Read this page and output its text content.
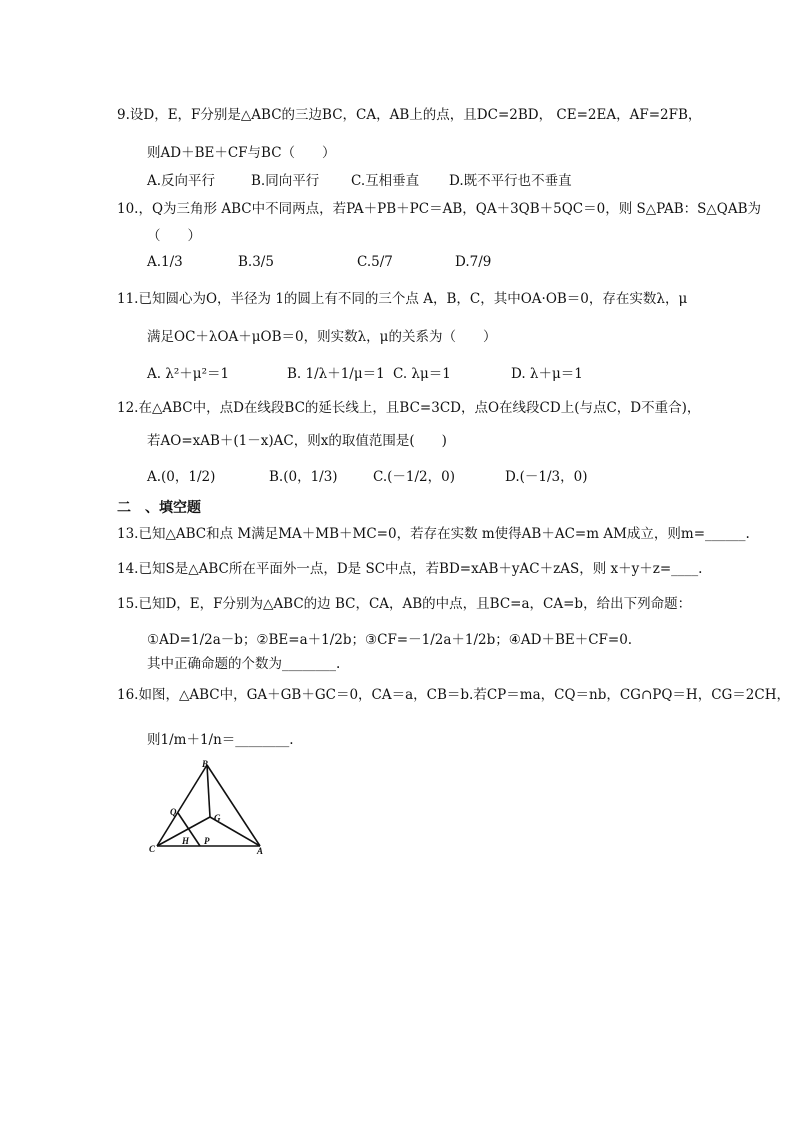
9.设D，E，F分别是△ABC的三边BC，CA，AB上的点，且DC=2BD， CE=2EA，AF=2FB，
则AD＋BE＋CF与BC（　　）
A.反向平行	B.同向平行 C.互相垂直 D.既不平行也不垂直
10.，Q为三角形 ABC中不同两点，若PA＋PB＋PC＝AB，QA＋3QB＋5QC＝0，则 S△PAB：S△QAB为
（　　）
A.1/3	B.3/5	C.5/7	D.7/9
11.已知圆心为O，半径为 1的圆上有不同的三个点 A，B，C，其中OA·OB＝0，存在实数λ，μ
满足OC＋λOA＋μOB＝0，则实数λ，μ的关系为（　　）
A. λ²＋μ²＝1	B. 1/λ＋1/μ＝1 C. λμ＝1	D. λ＋μ＝1
12.在△ABC中，点D在线段BC的延长线上，且BC=3CD，点O在线段CD上(与点C，D不重合)，
若AO=xAB＋(1－x)AC，则x的取值范围是(　　)
A.(0，1/2)	B.(0，1/3)	C.(－1/2，0)	D.(－1/3，0)
二　、填空题
13.已知△ABC和点 M满足MA＋MB＋MC=0，若存在实数 m使得AB＋AC=m AM成立，则m=______.
14.已知S是△ABC所在平面外一点，D是 SC中点，若BD=xAB＋yAC＋zAS，则 x＋y＋z=____.
15.已知D，E，F分别为△ABC的边 BC，CA，AB的中点，且BC=a，CA=b，给出下列命题：
①AD=1/2a－b；②BE=a＋1/2b；③CF=－1/2a＋1/2b；④AD＋BE＋CF=0.
其中正确命题的个数为________.
16.如图，△ABC中，GA＋GB＋GC＝0，CA＝a，CB＝b.若CP＝ma，CQ＝nb，CG∩PQ＝H，CG＝2CH，
则1/m＋1/n＝________.
B
Q
G
C
H P
A
